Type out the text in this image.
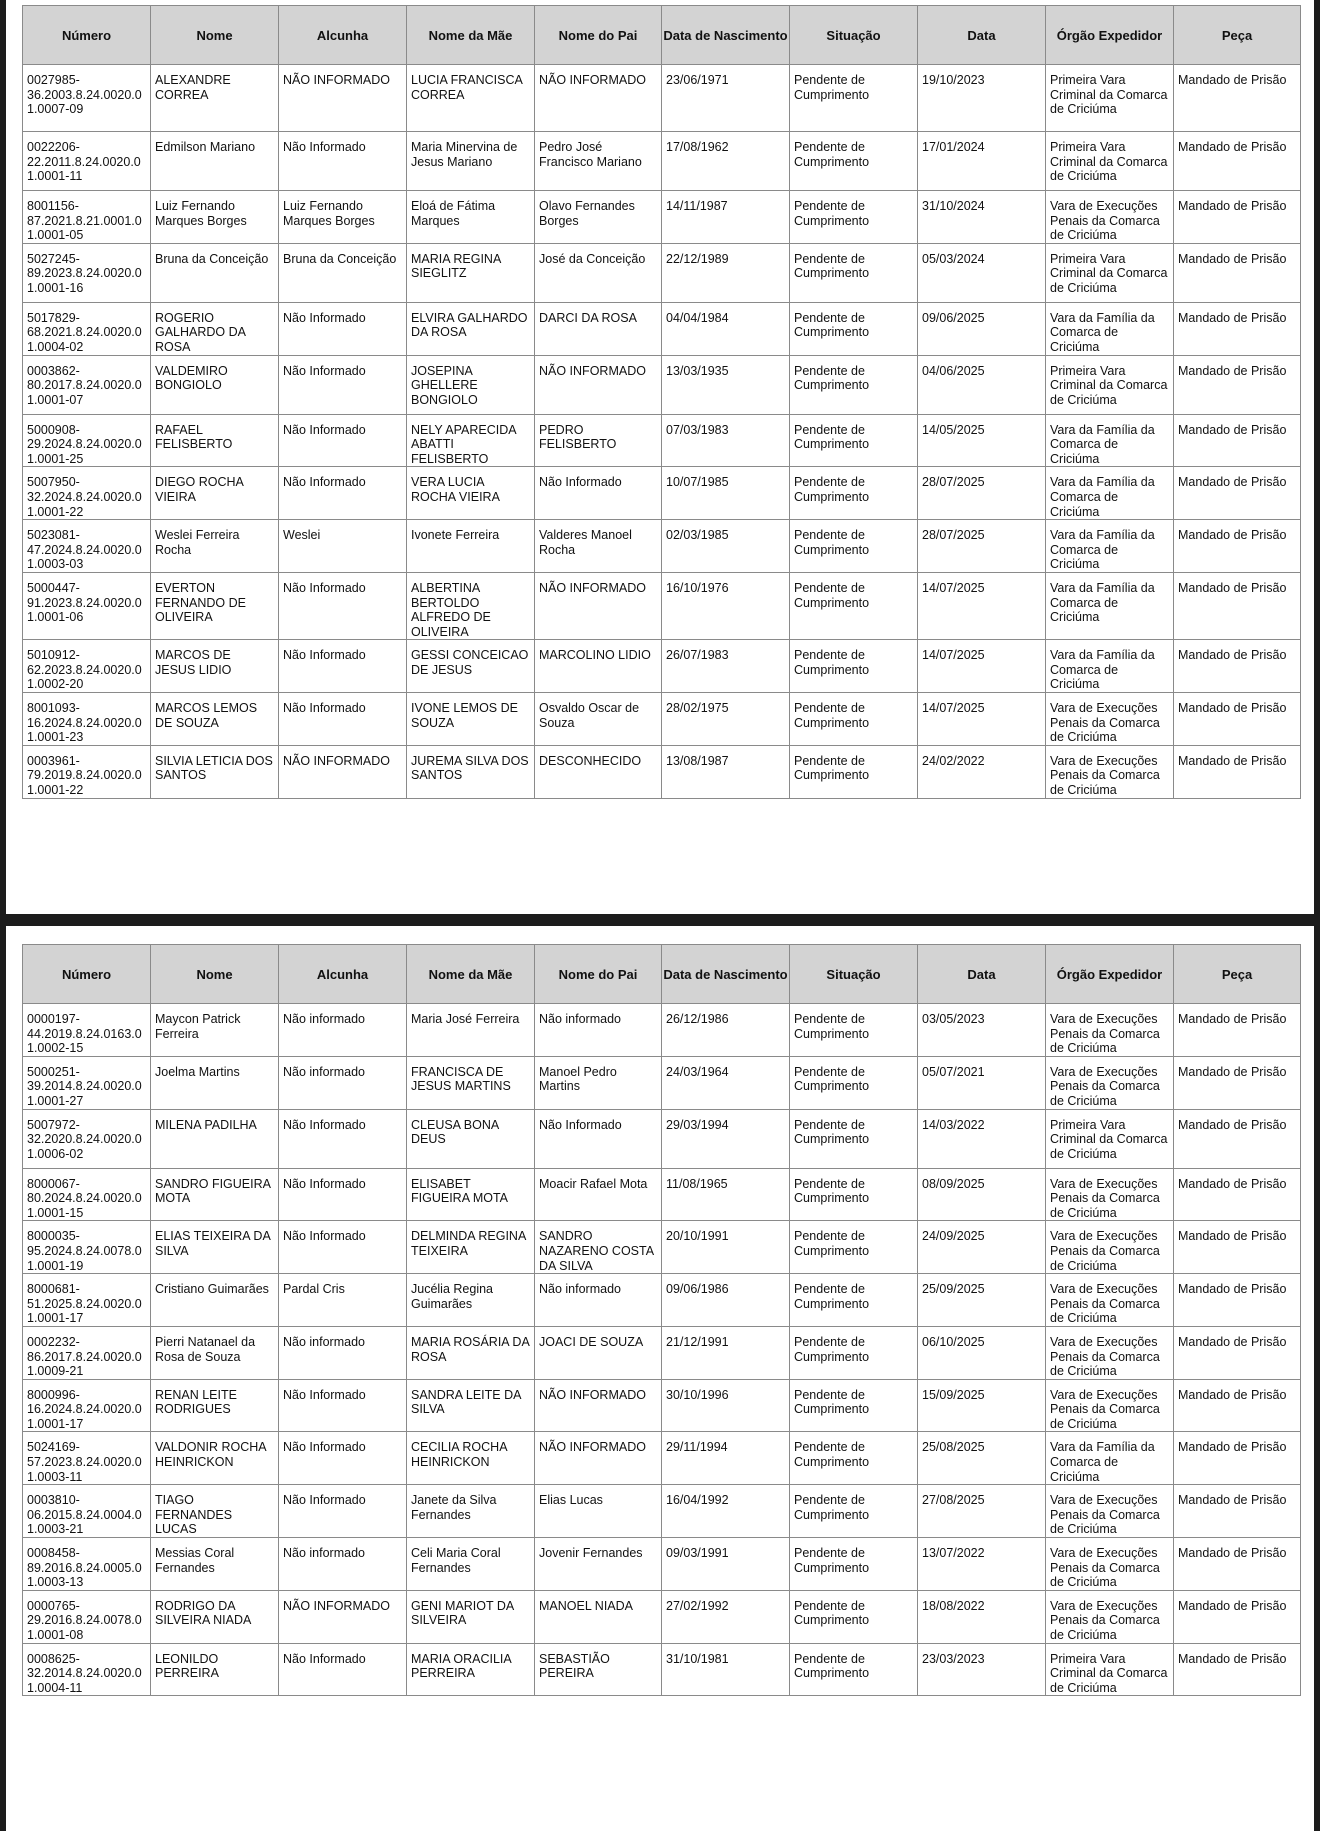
Número	Nome	Alcunha	Nome da Mãe	Nome do Pai	Data de Nascimento	Situação	Data	Órgão Expedidor	Peça
0027985-36.2003.8.24.0020.01.0007-09	ALEXANDRE CORREA	NÃO INFORMADO	LUCIA FRANCISCA CORREA	NÃO INFORMADO	23/06/1971	Pendente de Cumprimento	19/10/2023	Primeira Vara Criminal da Comarca de Criciúma	Mandado de Prisão
0022206-22.2011.8.24.0020.01.0001-11	Edmilson Mariano	Não Informado	Maria Minervina de Jesus Mariano	Pedro José Francisco Mariano	17/08/1962	Pendente de Cumprimento	17/01/2024	Primeira Vara Criminal da Comarca de Criciúma	Mandado de Prisão
8001156-87.2021.8.21.0001.01.0001-05	Luiz Fernando Marques Borges	Luiz Fernando Marques Borges	Eloá de Fátima Marques	Olavo Fernandes Borges	14/11/1987	Pendente de Cumprimento	31/10/2024	Vara de Execuções Penais da Comarca de Criciúma	Mandado de Prisão
5027245-89.2023.8.24.0020.01.0001-16	Bruna da Conceição	Bruna da Conceição	MARIA REGINA SIEGLITZ	José da Conceição	22/12/1989	Pendente de Cumprimento	05/03/2024	Primeira Vara Criminal da Comarca de Criciúma	Mandado de Prisão
5017829-68.2021.8.24.0020.01.0004-02	ROGERIO GALHARDO DA ROSA	Não Informado	ELVIRA GALHARDO DA ROSA	DARCI DA ROSA	04/04/1984	Pendente de Cumprimento	09/06/2025	Vara da Família da Comarca de Criciúma	Mandado de Prisão
0003862-80.2017.8.24.0020.01.0001-07	VALDEMIRO BONGIOLO	Não Informado	JOSEPINA GHELLERE BONGIOLO	NÃO INFORMADO	13/03/1935	Pendente de Cumprimento	04/06/2025	Primeira Vara Criminal da Comarca de Criciúma	Mandado de Prisão
5000908-29.2024.8.24.0020.01.0001-25	RAFAEL FELISBERTO	Não Informado	NELY APARECIDA ABATTI FELISBERTO	PEDRO FELISBERTO	07/03/1983	Pendente de Cumprimento	14/05/2025	Vara da Família da Comarca de Criciúma	Mandado de Prisão
5007950-32.2024.8.24.0020.01.0001-22	DIEGO ROCHA VIEIRA	Não Informado	VERA LUCIA ROCHA VIEIRA	Não Informado	10/07/1985	Pendente de Cumprimento	28/07/2025	Vara da Família da Comarca de Criciúma	Mandado de Prisão
5023081-47.2024.8.24.0020.01.0003-03	Weslei Ferreira Rocha	Weslei	Ivonete Ferreira	Valderes Manoel Rocha	02/03/1985	Pendente de Cumprimento	28/07/2025	Vara da Família da Comarca de Criciúma	Mandado de Prisão
5000447-91.2023.8.24.0020.01.0001-06	EVERTON FERNANDO DE OLIVEIRA	Não Informado	ALBERTINA BERTOLDO ALFREDO DE OLIVEIRA	NÃO INFORMADO	16/10/1976	Pendente de Cumprimento	14/07/2025	Vara da Família da Comarca de Criciúma	Mandado de Prisão
5010912-62.2023.8.24.0020.01.0002-20	MARCOS DE JESUS LIDIO	Não Informado	GESSI CONCEICAO DE JESUS	MARCOLINO LIDIO	26/07/1983	Pendente de Cumprimento	14/07/2025	Vara da Família da Comarca de Criciúma	Mandado de Prisão
8001093-16.2024.8.24.0020.01.0001-23	MARCOS LEMOS DE SOUZA	Não Informado	IVONE LEMOS DE SOUZA	Osvaldo Oscar de Souza	28/02/1975	Pendente de Cumprimento	14/07/2025	Vara de Execuções Penais da Comarca de Criciúma	Mandado de Prisão
0003961-79.2019.8.24.0020.01.0001-22	SILVIA LETICIA DOS SANTOS	NÃO INFORMADO	JUREMA SILVA DOS SANTOS	DESCONHECIDO	13/08/1987	Pendente de Cumprimento	24/02/2022	Vara de Execuções Penais da Comarca de Criciúma	Mandado de Prisão
Número	Nome	Alcunha	Nome da Mãe	Nome do Pai	Data de Nascimento	Situação	Data	Órgão Expedidor	Peça
0000197-44.2019.8.24.0163.01.0002-15	Maycon Patrick Ferreira	Não informado	Maria José Ferreira	Não informado	26/12/1986	Pendente de Cumprimento	03/05/2023	Vara de Execuções Penais da Comarca de Criciúma	Mandado de Prisão
5000251-39.2014.8.24.0020.01.0001-27	Joelma Martins	Não informado	FRANCISCA DE JESUS MARTINS	Manoel Pedro Martins	24/03/1964	Pendente de Cumprimento	05/07/2021	Vara de Execuções Penais da Comarca de Criciúma	Mandado de Prisão
5007972-32.2020.8.24.0020.01.0006-02	MILENA PADILHA	Não Informado	CLEUSA BONA DEUS	Não Informado	29/03/1994	Pendente de Cumprimento	14/03/2022	Primeira Vara Criminal da Comarca de Criciúma	Mandado de Prisão
8000067-80.2024.8.24.0020.01.0001-15	SANDRO FIGUEIRA MOTA	Não Informado	ELISABET FIGUEIRA MOTA	Moacir Rafael Mota	11/08/1965	Pendente de Cumprimento	08/09/2025	Vara de Execuções Penais da Comarca de Criciúma	Mandado de Prisão
8000035-95.2024.8.24.0078.01.0001-19	ELIAS TEIXEIRA DA SILVA	Não Informado	DELMINDA REGINA TEIXEIRA	SANDRO NAZARENO COSTA DA SILVA	20/10/1991	Pendente de Cumprimento	24/09/2025	Vara de Execuções Penais da Comarca de Criciúma	Mandado de Prisão
8000681-51.2025.8.24.0020.01.0001-17	Cristiano Guimarães	Pardal Cris	Jucélia Regina Guimarães	Não informado	09/06/1986	Pendente de Cumprimento	25/09/2025	Vara de Execuções Penais da Comarca de Criciúma	Mandado de Prisão
0002232-86.2017.8.24.0020.01.0009-21	Pierri Natanael da Rosa de Souza	Não informado	MARIA ROSÁRIA DA ROSA	JOACI DE SOUZA	21/12/1991	Pendente de Cumprimento	06/10/2025	Vara de Execuções Penais da Comarca de Criciúma	Mandado de Prisão
8000996-16.2024.8.24.0020.01.0001-17	RENAN LEITE RODRIGUES	Não Informado	SANDRA LEITE DA SILVA	NÃO INFORMADO	30/10/1996	Pendente de Cumprimento	15/09/2025	Vara de Execuções Penais da Comarca de Criciúma	Mandado de Prisão
5024169-57.2023.8.24.0020.01.0003-11	VALDONIR ROCHA HEINRICKON	Não Informado	CECILIA ROCHA HEINRICKON	NÃO INFORMADO	29/11/1994	Pendente de Cumprimento	25/08/2025	Vara da Família da Comarca de Criciúma	Mandado de Prisão
0003810-06.2015.8.24.0004.01.0003-21	TIAGO FERNANDES LUCAS	Não Informado	Janete da Silva Fernandes	Elias Lucas	16/04/1992	Pendente de Cumprimento	27/08/2025	Vara de Execuções Penais da Comarca de Criciúma	Mandado de Prisão
0008458-89.2016.8.24.0005.01.0003-13	Messias Coral Fernandes	Não informado	Celi Maria Coral Fernandes	Jovenir Fernandes	09/03/1991	Pendente de Cumprimento	13/07/2022	Vara de Execuções Penais da Comarca de Criciúma	Mandado de Prisão
0000765-29.2016.8.24.0078.01.0001-08	RODRIGO DA SILVEIRA NIADA	NÃO INFORMADO	GENI MARIOT DA SILVEIRA	MANOEL NIADA	27/02/1992	Pendente de Cumprimento	18/08/2022	Vara de Execuções Penais da Comarca de Criciúma	Mandado de Prisão
0008625-32.2014.8.24.0020.01.0004-11	LEONILDO PERREIRA	Não Informado	MARIA ORACILIA PERREIRA	SEBASTIÃO PEREIRA	31/10/1981	Pendente de Cumprimento	23/03/2023	Primeira Vara Criminal da Comarca de Criciúma	Mandado de Prisão
